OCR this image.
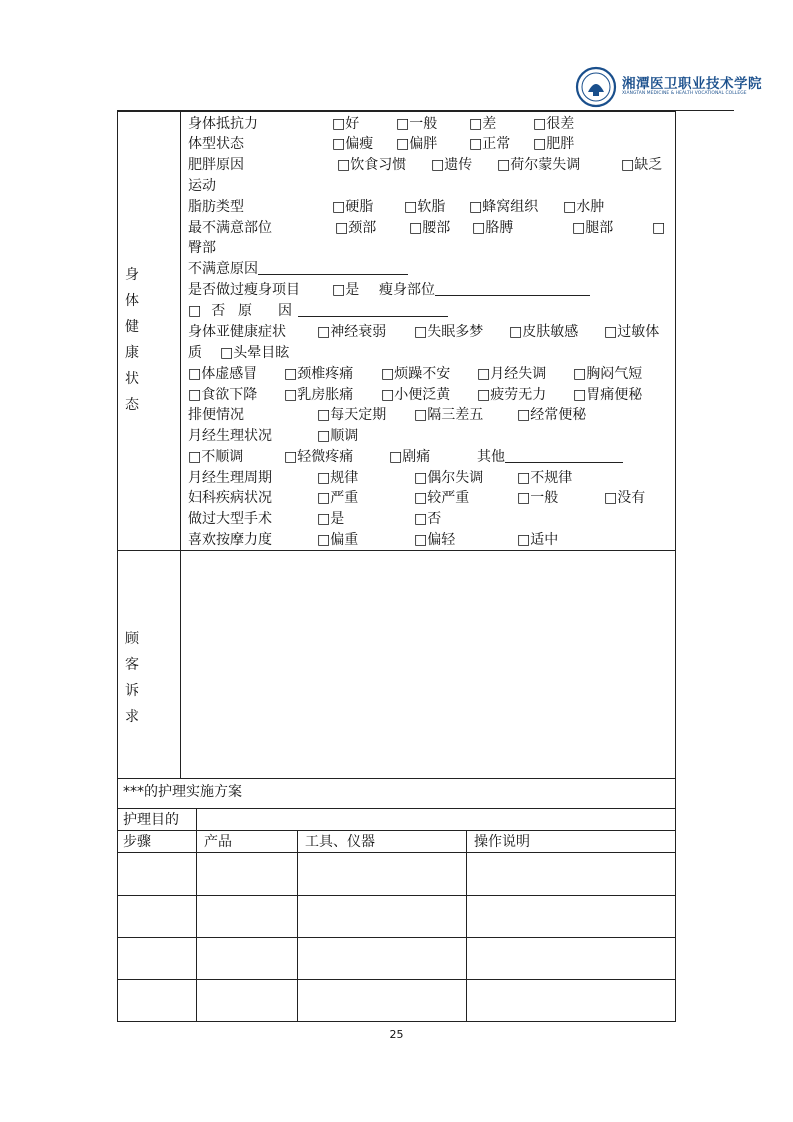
湘潭医卫职业技术学院
XIANGTAN MEDICINE & HEALTH VOCATIONAL COLLEGE
身
体
健
康
状
态
身体抵抗力	□ 好	□ 一般	□ 差	□ 很差
体型状态	□ 偏瘦	□ 偏胖	□ 正常	□ 肥胖
肥胖原因	□ 饮食习惯	□ 遗传	□ 荷尔蒙失调	□ 缺乏
运动
脂肪类型	□ 硬脂	□ 软脂	□ 蜂窝组织	□ 水肿
最不满意部位	□ 颈部	□ 腰部	□ 胳膊	□ 腿部
□
臀部
不满意原因
是否做过瘦身项目	□ 是 瘦身部位
□ 否 原　因
身体亚健康症状	□ 神经衰弱	□ 失眠多梦	□ 皮肤敏感	□ 过敏体
质	□ 头晕目眩
□ 体虚感冒	□ 颈椎疼痛	□ 烦躁不安	□ 月经失调	□ 胸闷气短
□ 食欲下降	□ 乳房胀痛	□ 小便泛黄	□ 疲劳无力	□ 胃痛便秘
排便情况	□ 每天定期	□ 隔三差五	□ 经常便秘
月经生理状况	□ 顺调
□ 不顺调	□ 轻微疼痛	□ 剧痛	其他
月经生理周期	□ 规律	□ 偶尔失调	□ 不规律
妇科疾病状况	□ 严重	□ 较严重	□ 一般	□ 没有
做过大型手术	□ 是	□ 否
喜欢按摩力度	□ 偏重	□ 偏轻	□ 适中
顾
客
诉
求
***的护理实施方案
护理目的
步骤	产品	工具、仪器	操作说明
25
